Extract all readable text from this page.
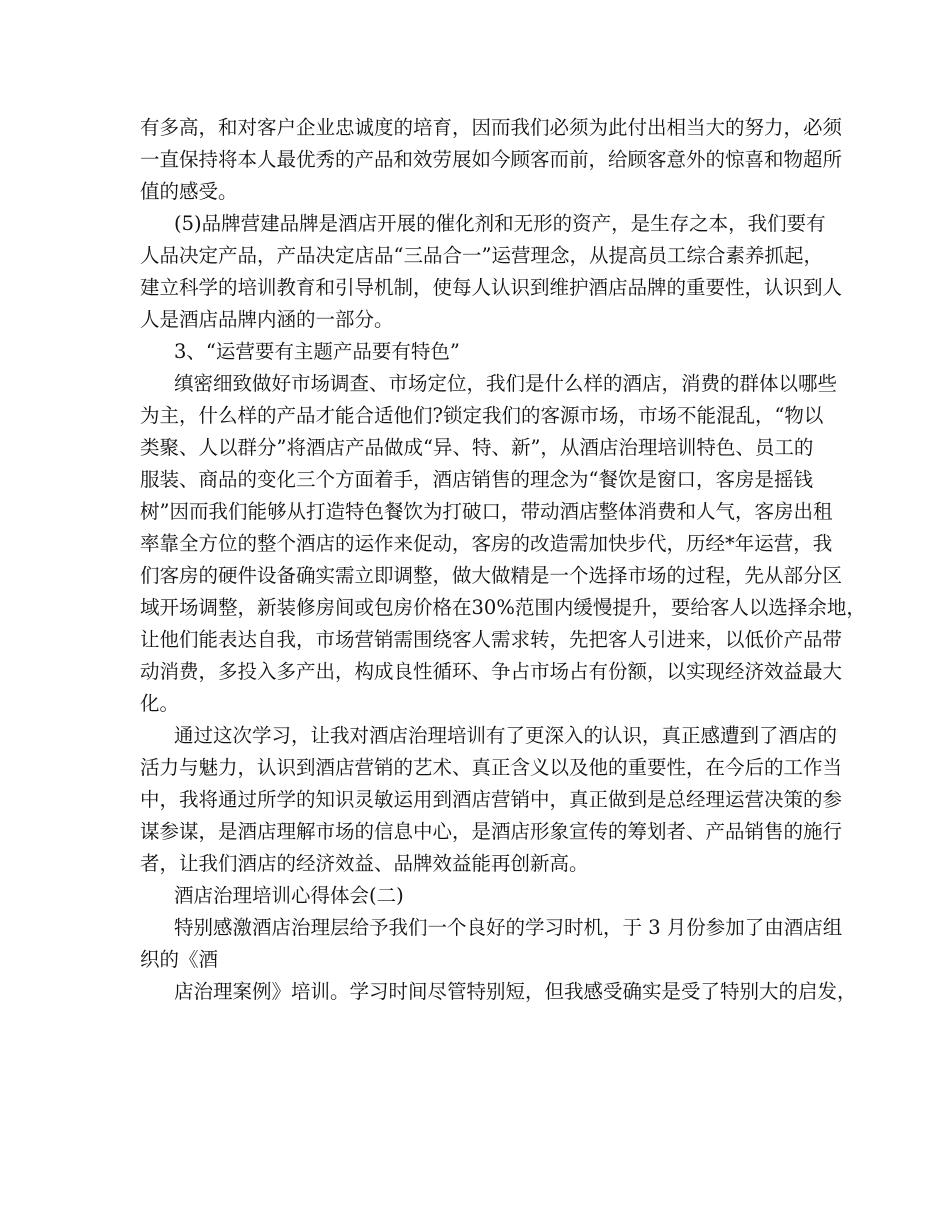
有多高，和对客户企业忠诚度的培育，因而我们必须为此付出相当大的努力，必须
一直保持将本人最优秀的产品和效劳展如今顾客而前，给顾客意外的惊喜和物超所
值的感受。
(5)品牌营建品牌是酒店开展的催化剂和无形的资产，是生存之本，我们要有
人品决定产品，产品决定店品“三品合一”运营理念，从提高员工综合素养抓起，
建立科学的培训教育和引导机制，使每人认识到维护酒店品牌的重要性，认识到人
人是酒店品牌内涵的一部分。
3、“运营要有主题产品要有特色”
缜密细致做好市场调查、市场定位，我们是什么样的酒店，消费的群体以哪些
为主，什么样的产品才能合适他们?锁定我们的客源市场，市场不能混乱，“物以
类聚、人以群分”将酒店产品做成“异、特、新”，从酒店治理培训特色、员工的
服装、商品的变化三个方面着手，酒店销售的理念为“餐饮是窗口，客房是摇钱
树”因而我们能够从打造特色餐饮为打破口，带动酒店整体消费和人气，客房出租
率靠全方位的整个酒店的运作来促动，客房的改造需加快步代，历经*年运营，我
们客房的硬件设备确实需立即调整，做大做精是一个选择市场的过程，先从部分区
域开场调整，新装修房间或包房价格在30%范围内缓慢提升，要给客人以选择余地，
让他们能表达自我，市场营销需围绕客人需求转，先把客人引进来，以低价产品带
动消费，多投入多产出，构成良性循环、争占市场占有份额，以实现经济效益最大
化。
通过这次学习，让我对酒店治理培训有了更深入的认识，真正感遭到了酒店的
活力与魅力，认识到酒店营销的艺术、真正含义以及他的重要性，在今后的工作当
中，我将通过所学的知识灵敏运用到酒店营销中，真正做到是总经理运营决策的参
谋参谋，是酒店理解市场的信息中心，是酒店形象宣传的筹划者、产品销售的施行
者，让我们酒店的经济效益、品牌效益能再创新高。
酒店治理培训心得体会(二)
特别感激酒店治理层给予我们一个良好的学习时机，于 3 月份参加了由酒店组
织的《酒
店治理案例》培训。学习时间尽管特别短，但我感受确实是受了特别大的启发，
